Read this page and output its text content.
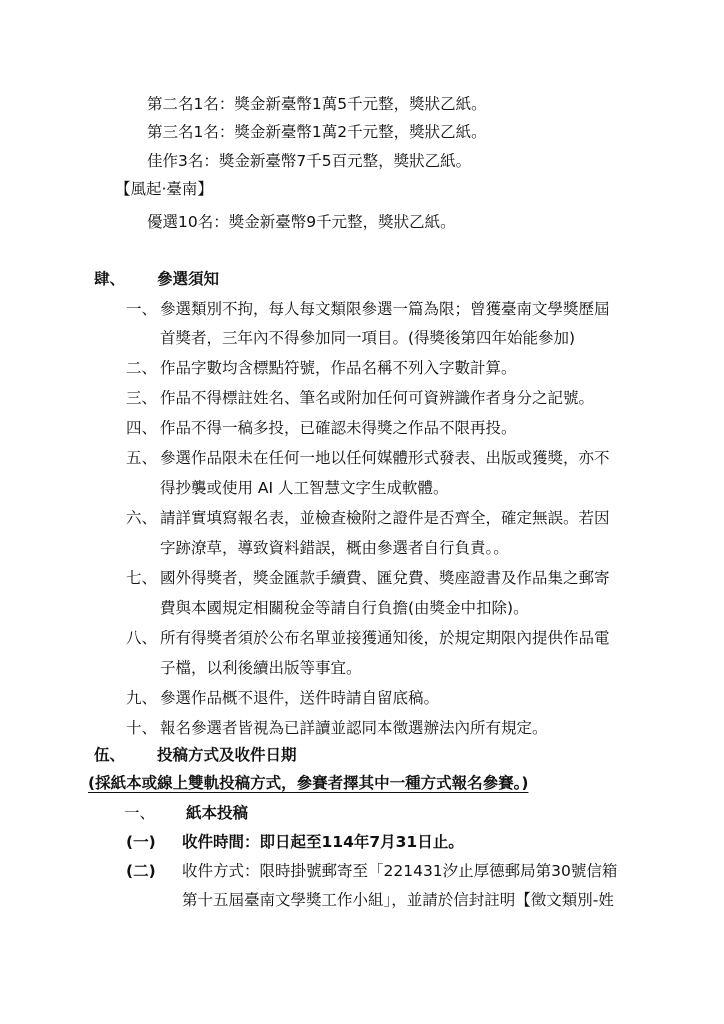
第二名1名：獎金新臺幣1萬5千元整，獎狀乙紙。
第三名1名：獎金新臺幣1萬2千元整，獎狀乙紙。
佳作3名：獎金新臺幣7千5百元整，獎狀乙紙。
【風起‧臺南】
優選10名：獎金新臺幣9千元整，獎狀乙紙。
肆、 參選須知
一、 參選類別不拘，每人每文類限參選一篇為限；曾獲臺南文學獎歷屆
首獎者，三年內不得參加同一項目。(得獎後第四年始能參加)
二、 作品字數均含標點符號，作品名稱不列入字數計算。
三、 作品不得標註姓名、筆名或附加任何可資辨識作者身分之記號。
四、 作品不得一稿多投，已確認未得獎之作品不限再投。
五、 參選作品限未在任何一地以任何媒體形式發表、出版或獲獎，亦不
得抄襲或使用 AI 人工智慧文字生成軟體。
六、 請詳實填寫報名表，並檢查檢附之證件是否齊全，確定無誤。若因
字跡潦草，導致資料錯誤，概由參選者自行負責。。
七、 國外得獎者，獎金匯款手續費、匯兌費、獎座證書及作品集之郵寄
費與本國規定相關稅金等請自行負擔(由獎金中扣除)。
八、 所有得獎者須於公布名單並接獲通知後，於規定期限內提供作品電
子檔，以利後續出版等事宜。
九、 參選作品概不退件，送件時請自留底稿。
十、 報名參選者皆視為已詳讀並認同本徵選辦法內所有規定。
伍、 投稿方式及收件日期
(採紙本或線上雙軌投稿方式，參賽者擇其中一種方式報名參賽。)
一、 紙本投稿
(一) 收件時間：即日起至114年7月31日止。
(二) 收件方式：限時掛號郵寄至「221431汐止厚德郵局第30號信箱
第十五屆臺南文學獎工作小組」，並請於信封註明【徵文類別-姓
